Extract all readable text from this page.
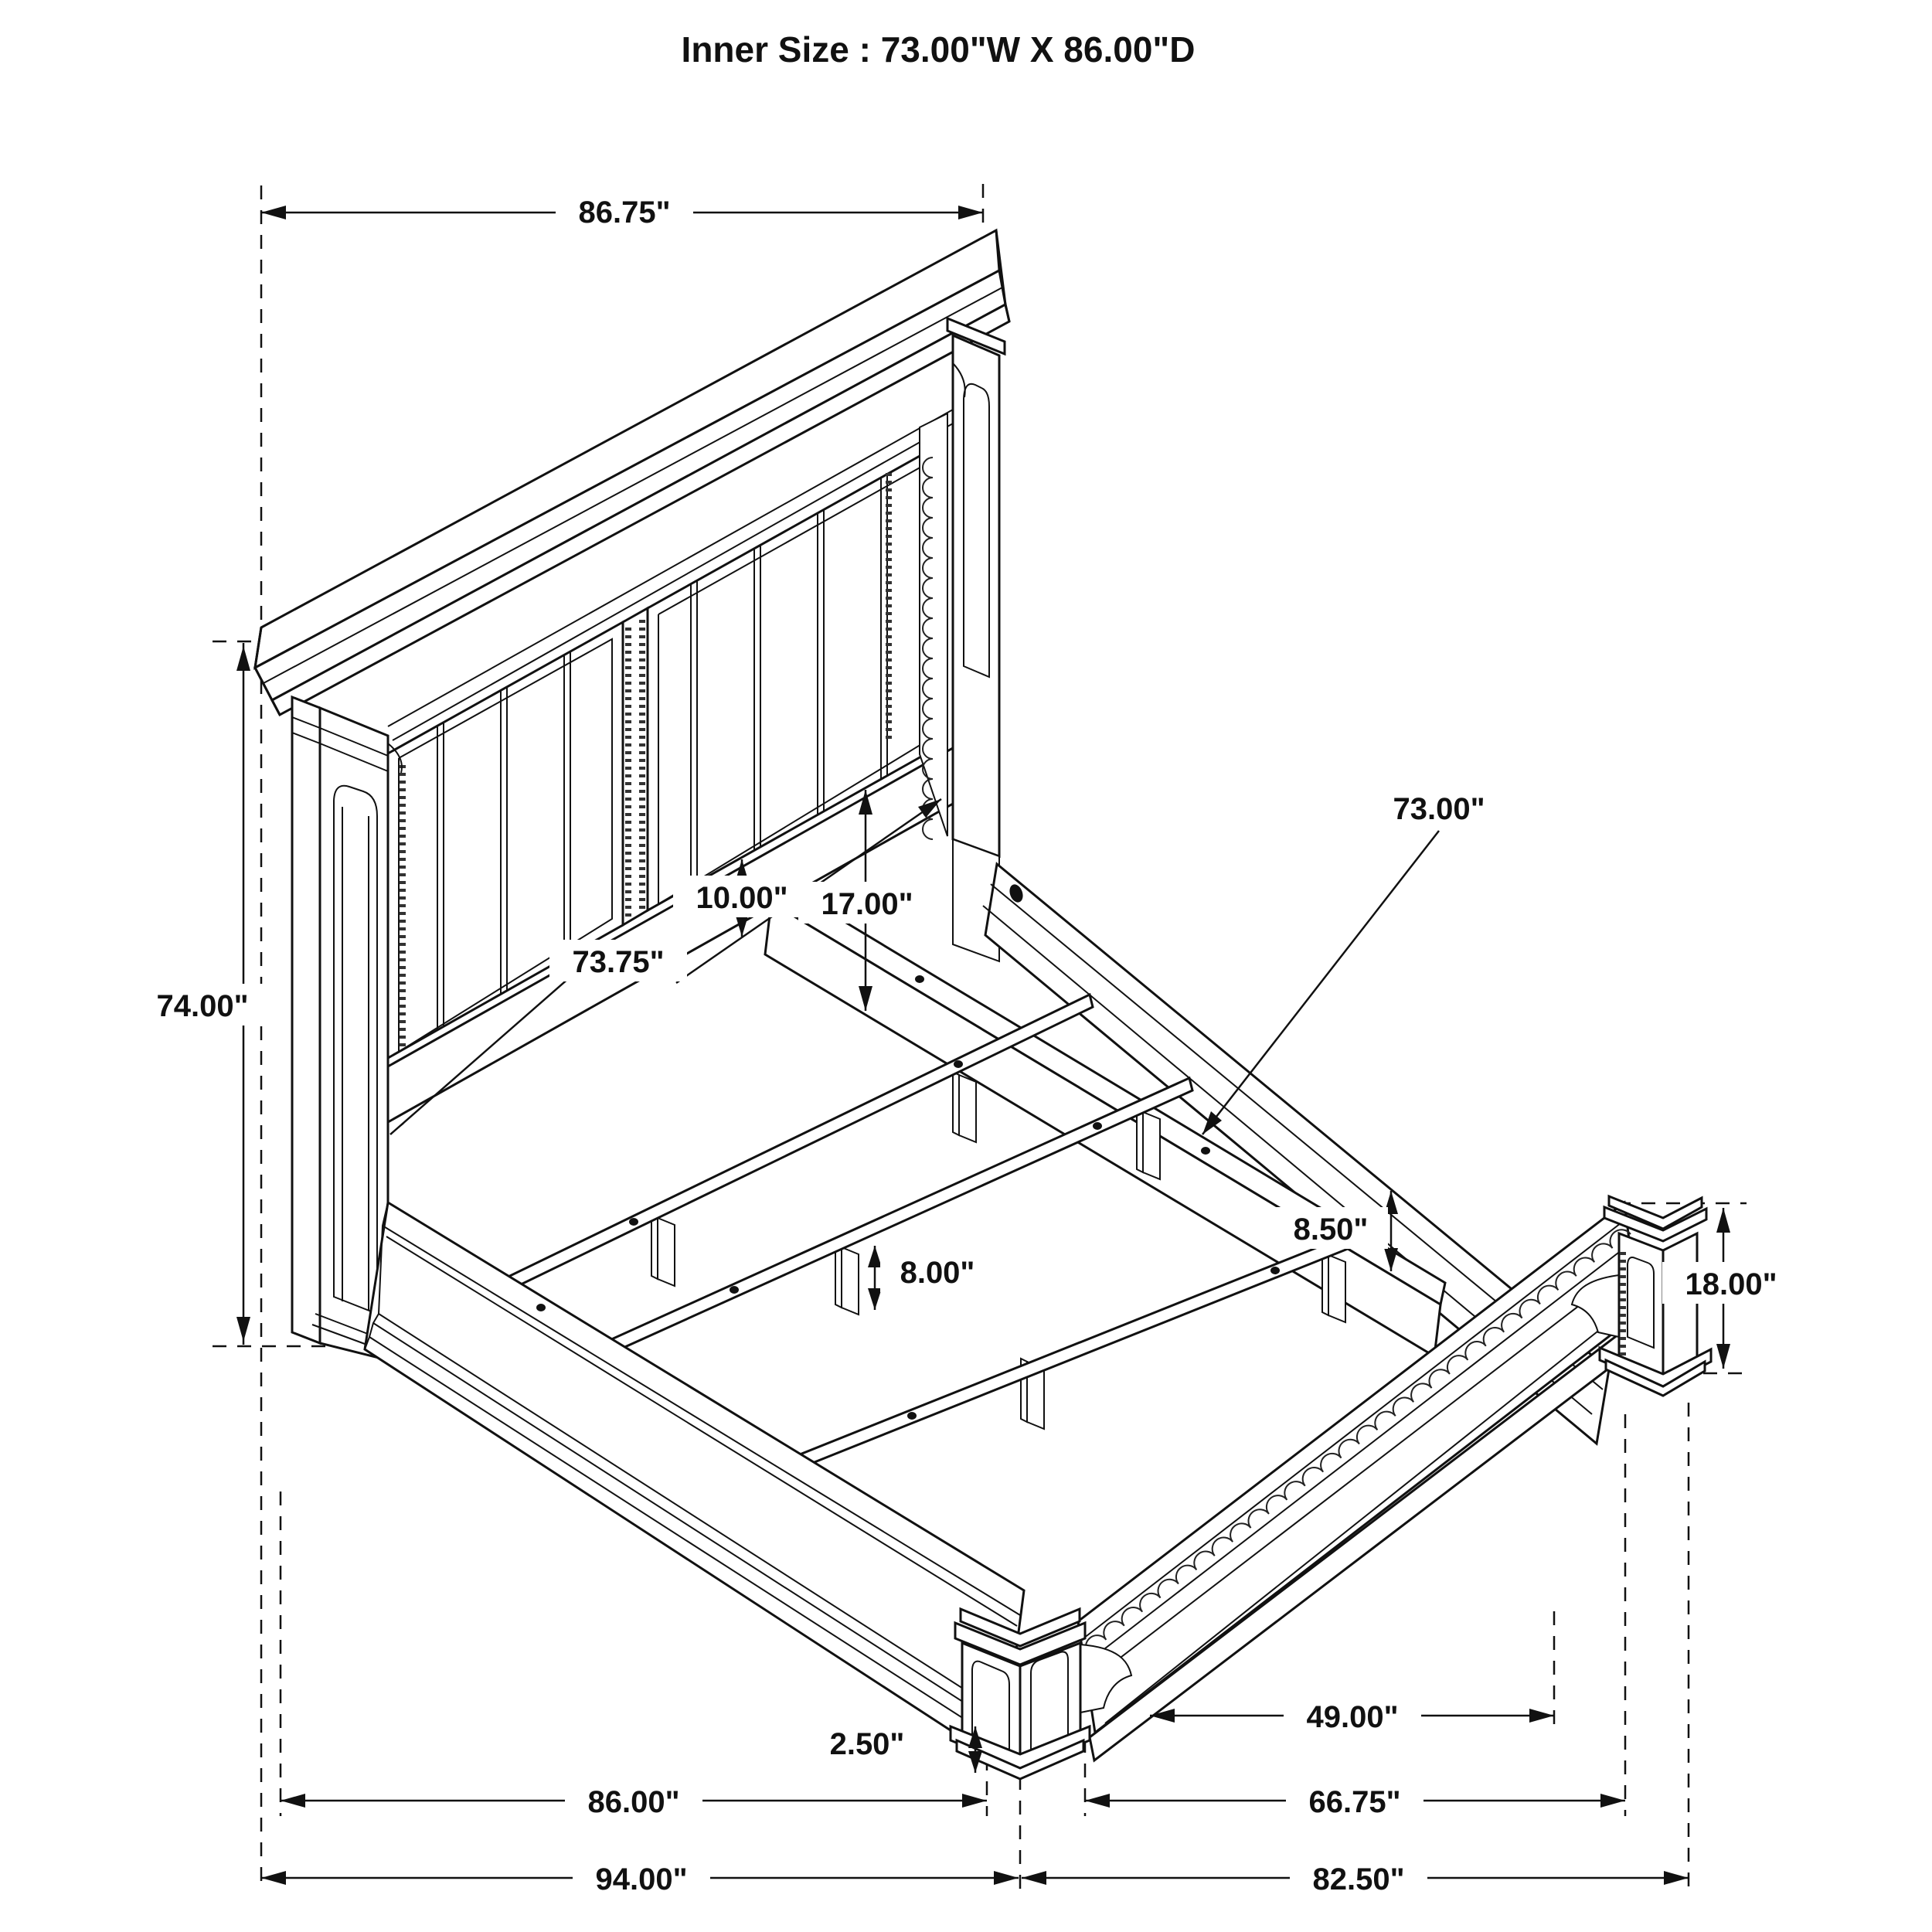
86.75"
74.00"
10.00" 17.00"
73.75"
73.00"
8.50"
8.00"	18.00"
2.50"
49.00"
86.00"	66.75"
94.00"	82.50"
Inner Size : 73.00"W X 86.00"D
